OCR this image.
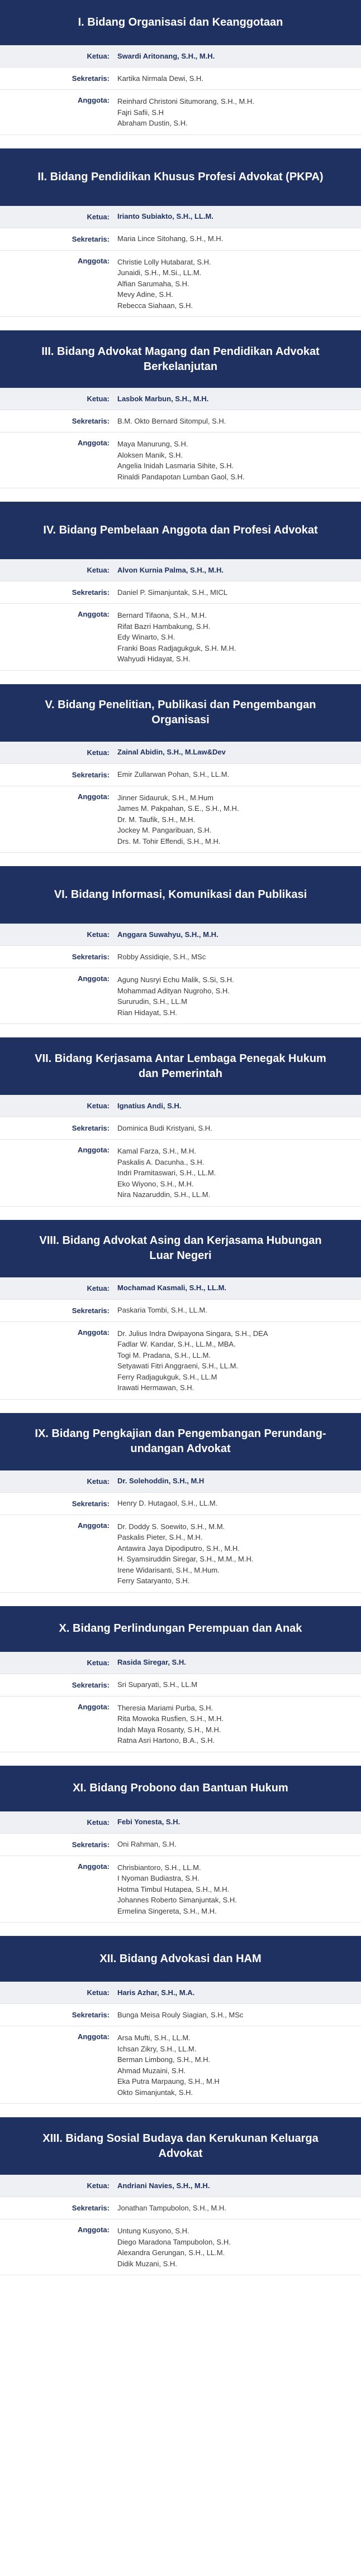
I. Bidang Organisasi dan Keanggotaan
Ketua:	Swardi Aritonang, S.H., M.H.
Sekretaris:	Kartika Nirmala Dewi, S.H.
Anggota:	Reinhard Christoni Situmorang, S.H., M.H.
Fajri Safii, S.H
Abraham Dustin, S.H.
II. Bidang Pendidikan Khusus Profesi Advokat (PKPA)
Ketua:	Irianto Subiakto, S.H., LL.M.
Sekretaris:	Maria Lince Sitohang, S.H., M.H.
Anggota:	Christie Lolly Hutabarat, S.H.
Junaidi, S.H., M.Si., LL.M.
Alfian Sarumaha, S.H.
Mevy Adine, S.H.
Rebecca Siahaan, S.H.
III. Bidang Advokat Magang dan Pendidikan Advokat Berkelanjutan
Ketua:	Lasbok Marbun, S.H., M.H.
Sekretaris:	B.M. Okto Bernard Sitompul, S.H.
Anggota:	Maya Manurung, S.H.
Aloksen Manik, S.H.
Angelia Inidah Lasmaria Sihite, S.H.
Rinaldi Pandapotan Lumban Gaol, S.H.
IV. Bidang Pembelaan Anggota dan Profesi Advokat
Ketua:	Alvon Kurnia Palma, S.H., M.H.
Sekretaris:	Daniel P. Simanjuntak, S.H., MICL
Anggota:	Bernard Tifaona, S.H., M.H.
Rifat Bazri Hambakung, S.H.
Edy Winarto, S.H.
Franki Boas Radjagukguk, S.H. M.H.
Wahyudi Hidayat, S.H.
V. Bidang Penelitian, Publikasi dan Pengembangan Organisasi
Ketua:	Zainal Abidin, S.H., M.Law&Dev
Sekretaris:	Emir Zullarwan Pohan, S.H., LL.M.
Anggota:	Jinner Sidauruk, S.H., M.Hum
James M. Pakpahan, S.E., S.H., M.H.
Dr. M. Taufik, S.H., M.H.
Jockey M. Pangaribuan, S.H.
Drs. M. Tohir Effendi, S.H., M.H.
VI. Bidang Informasi, Komunikasi dan Publikasi
Ketua:	Anggara Suwahyu, S.H., M.H.
Sekretaris:	Robby Assidiqie, S.H., MSc
Anggota:	Agung Nusryi Echu Malik, S.Si, S.H.
Mohammad Adityan Nugroho, S.H.
Sururudin, S.H., LL.M
Rian Hidayat, S.H.
VII. Bidang Kerjasama Antar Lembaga Penegak Hukum dan Pemerintah
Ketua:	Ignatius Andi, S.H.
Sekretaris:	Dominica Budi Kristyani, S.H.
Anggota:	Kamal Farza, S.H., M.H.
Paskalis A. Dacunha., S.H.
Indri Pramitaswari, S.H., LL.M.
Eko Wiyono, S.H., M.H.
Nira Nazaruddin, S.H., LL.M.
VIII. Bidang Advokat Asing dan Kerjasama Hubungan Luar Negeri
Ketua:	Mochamad Kasmali, S.H., LL.M.
Sekretaris:	Paskaria Tombi, S.H., LL.M.
Anggota:	Dr. Julius Indra Dwipayona Singara, S.H., DEA
Fadlar W. Kandar, S.H., LL.M., MBA.
Togi M. Pradana, S.H., LL.M.
Setyawati Fitri Anggraeni, S.H., LL.M.
Ferry Radjagukguk, S.H., LL.M
Irawati Hermawan, S.H.
IX. Bidang Pengkajian dan Pengembangan Perundang-undangan Advokat
Ketua:	Dr. Solehoddin, S.H., M.H
Sekretaris:	Henry D. Hutagaol, S.H., LL.M.
Anggota:	Dr. Doddy S. Soewito, S.H., M.M.
Paskalis Pieter, S.H., M.H.
Antawira Jaya Dipodiputro, S.H., M.H.
H. Syamsiruddin Siregar, S.H., M.M., M.H.
Irene Widarisanti, S.H., M.Hum.
Ferry Sataryanto, S.H.
X. Bidang Perlindungan Perempuan dan Anak
Ketua:	Rasida Siregar, S.H.
Sekretaris:	Sri Suparyati, S.H., LL.M
Anggota:	Theresia Mariami Purba, S.H.
Rita Mowoka Rusfien, S.H., M.H.
Indah Maya Rosanty, S.H., M.H.
Ratna Asri Hartono, B.A., S.H.
XI. Bidang Probono dan Bantuan Hukum
Ketua:	Febi Yonesta, S.H.
Sekretaris:	Oni Rahman, S.H.
Anggota:	Chrisbiantoro, S.H., LL.M.
I Nyoman Budiastra, S.H.
Hotma Timbul Hutapea, S.H., M.H.
Johannes Roberto Simanjuntak, S.H.
Ermelina Singereta, S.H., M.H.
XII. Bidang Advokasi dan HAM
Ketua:	Haris Azhar, S.H., M.A.
Sekretaris:	Bunga Meisa Rouly Siagian, S.H., MSc
Anggota:	Arsa Mufti, S.H., LL.M.
Ichsan Zikry, S.H., LL.M.
Berman Limbong, S.H., M.H.
Ahmad Muzaini, S.H.
Eka Putra Marpaung, S.H., M.H
Okto Simanjuntak, S.H.
XIII. Bidang Sosial Budaya dan Kerukunan Keluarga Advokat
Ketua:	Andriani Navies, S.H., M.H.
Sekretaris:	Jonathan Tampubolon, S.H., M.H.
Anggota:	Untung Kusyono, S.H.
Diego Maradona Tampubolon, S.H.
Alexandra Gerungan, S.H., LL.M.
Didik Muzani, S.H.
